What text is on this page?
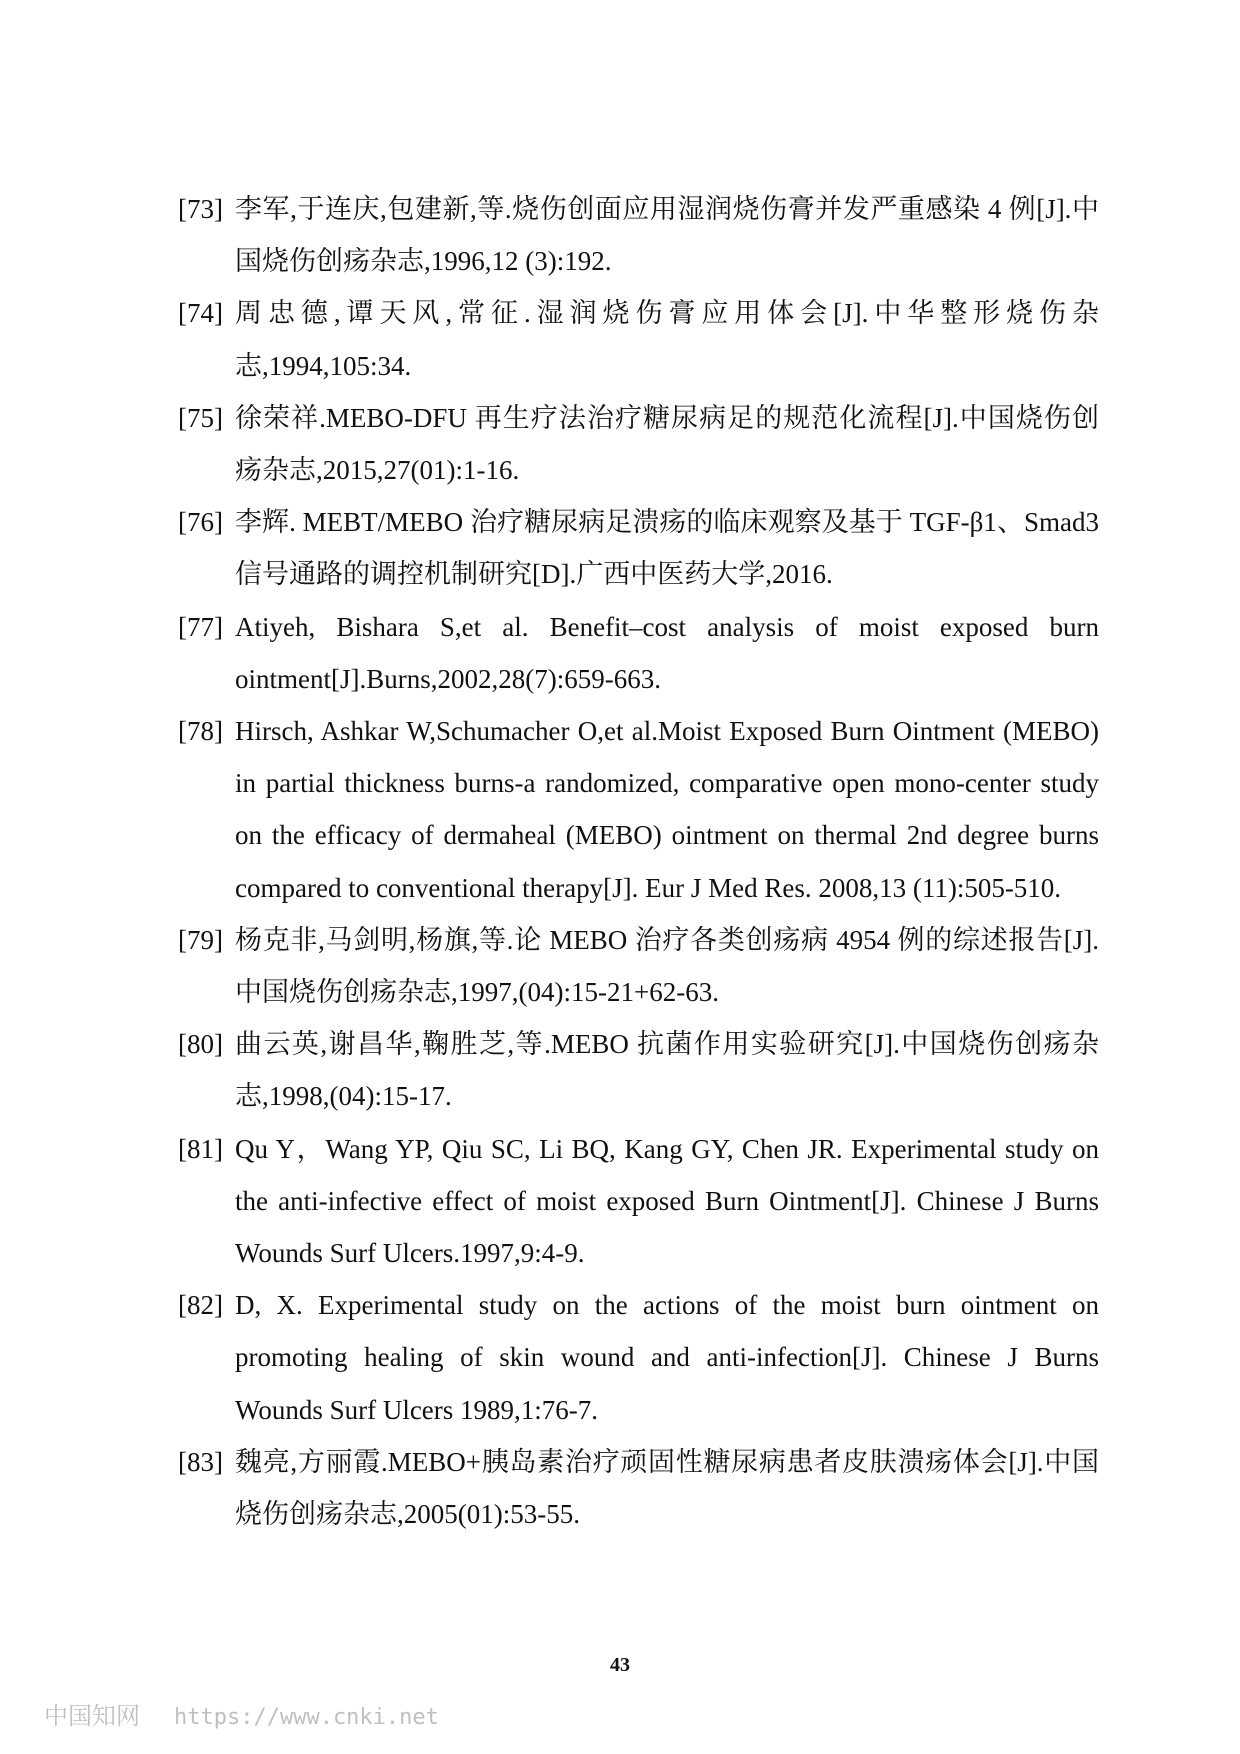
[73] 李军,于连庆,包建新,等.烧伤创面应用湿润烧伤膏并发严重感染 4 例[J].中国烧伤创疡杂志,1996,12 (3):192.
[74] 周忠德,谭天风,常征.湿润烧伤膏应用体会[J].中华整形烧伤杂志,1994,105:34.
[75] 徐荣祥.MEBO-DFU 再生疗法治疗糖尿病足的规范化流程[J].中国烧伤创疡杂志,2015,27(01):1-16.
[76] 李辉. MEBT/MEBO 治疗糖尿病足溃疡的临床观察及基于 TGF-β1、Smad3 信号通路的调控机制研究[D].广西中医药大学,2016.
[77] Atiyeh, Bishara S,et al. Benefit–cost analysis of moist exposed burn ointment[J].Burns,2002,28(7):659-663.
[78] Hirsch, Ashkar W,Schumacher O,et al.Moist Exposed Burn Ointment (MEBO) in partial thickness burns-a randomized, comparative open mono-center study on the efficacy of dermaheal (MEBO) ointment on thermal 2nd degree burns compared to conventional therapy[J]. Eur J Med Res. 2008,13 (11):505-510.
[79] 杨克非,马剑明,杨旗,等.论 MEBO 治疗各类创疡病 4954 例的综述报告[J].中国烧伤创疡杂志,1997,(04):15-21+62-63.
[80] 曲云英,谢昌华,鞠胜芝,等.MEBO 抗菌作用实验研究[J].中国烧伤创疡杂志,1998,(04):15-17.
[81] Qu Y，Wang YP, Qiu SC, Li BQ, Kang GY, Chen JR. Experimental study on the anti-infective effect of moist exposed Burn Ointment[J]. Chinese J Burns Wounds Surf Ulcers.1997,9:4-9.
[82] D, X. Experimental study on the actions of the moist burn ointment on promoting healing of skin wound and anti-infection[J]. Chinese J Burns Wounds Surf Ulcers 1989,1:76-7.
[83] 魏亮,方丽霞.MEBO+胰岛素治疗顽固性糖尿病患者皮肤溃疡体会[J].中国烧伤创疡杂志,2005(01):53-55.
43
中国知网 https://www.cnki.net
